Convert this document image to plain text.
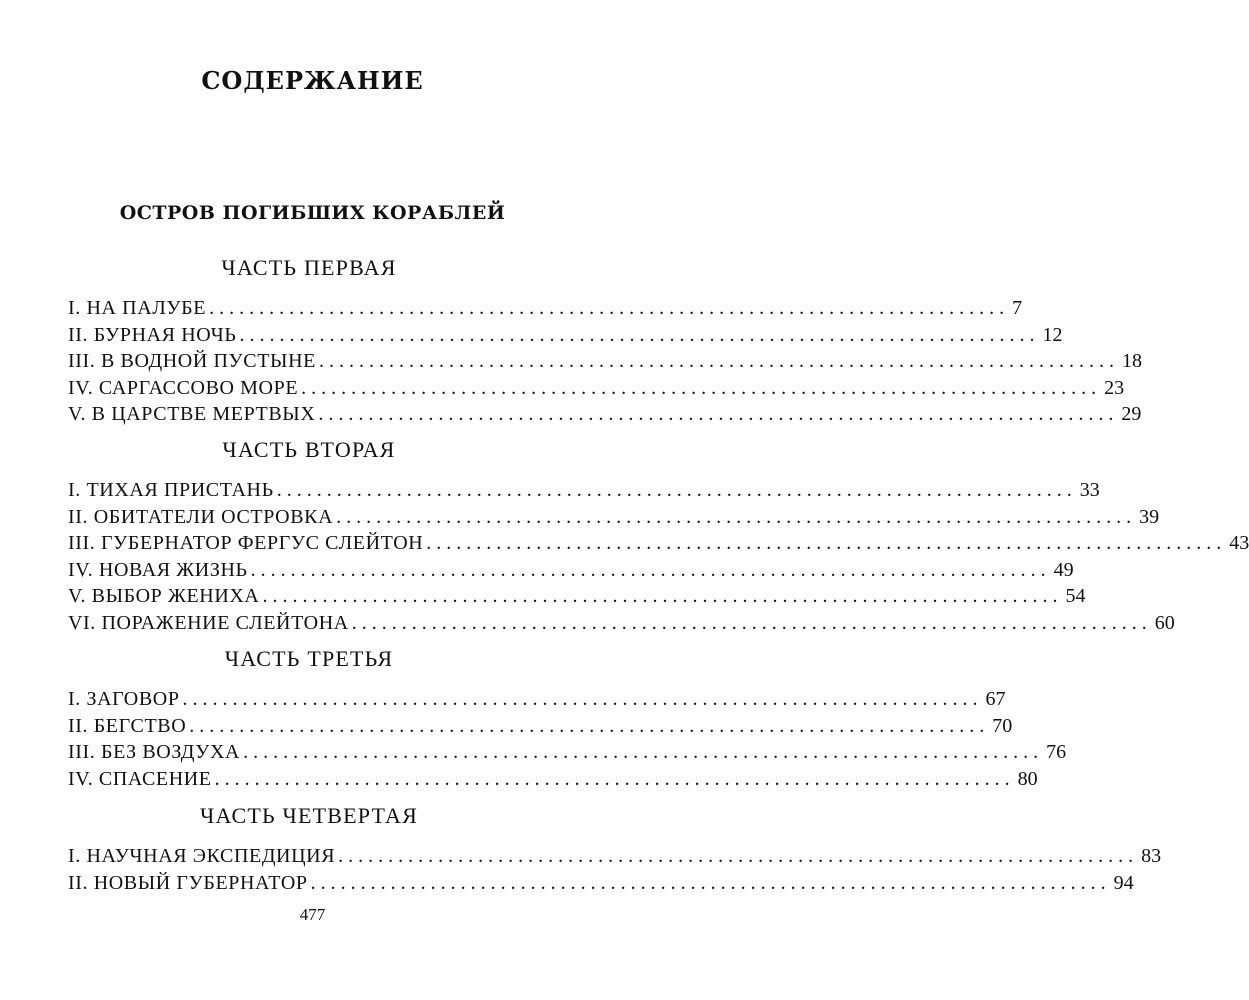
СОДЕРЖАНИЕ
ОСТРОВ ПОГИБШИХ КОРАБЛЕЙ
ЧАСТЬ ПЕРВАЯ
I. НА ПАЛУБЕ ................................................................................ 7
II. БУРНАЯ НОЧЬ ................................................................................ 12
III. В ВОДНОЙ ПУСТЫНЕ ................................................................................ 18
IV. САРГАССОВО МОРЕ ................................................................................ 23
V. В ЦАРСТВЕ МЕРТВЫХ ................................................................................ 29
ЧАСТЬ ВТОРАЯ
I. ТИХАЯ ПРИСТАНЬ ................................................................................ 33
II. ОБИТАТЕЛИ ОСТРОВКА ................................................................................ 39
III. ГУБЕРНАТОР ФЕРГУС СЛЕЙТОН ................................................................................ 43
IV. НОВАЯ ЖИЗНЬ ................................................................................ 49
V. ВЫБОР ЖЕНИХА ................................................................................ 54
VI. ПОРАЖЕНИЕ СЛЕЙТОНА ................................................................................ 60
ЧАСТЬ ТРЕТЬЯ
I. ЗАГОВОР ................................................................................ 67
II. БЕГСТВО ................................................................................ 70
III. БЕЗ ВОЗДУХА ................................................................................ 76
IV. СПАСЕНИЕ ................................................................................ 80
ЧАСТЬ ЧЕТВЕРТАЯ
I. НАУЧНАЯ ЭКСПЕДИЦИЯ ................................................................................ 83
II. НОВЫЙ ГУБЕРНАТОР ................................................................................ 94
477
